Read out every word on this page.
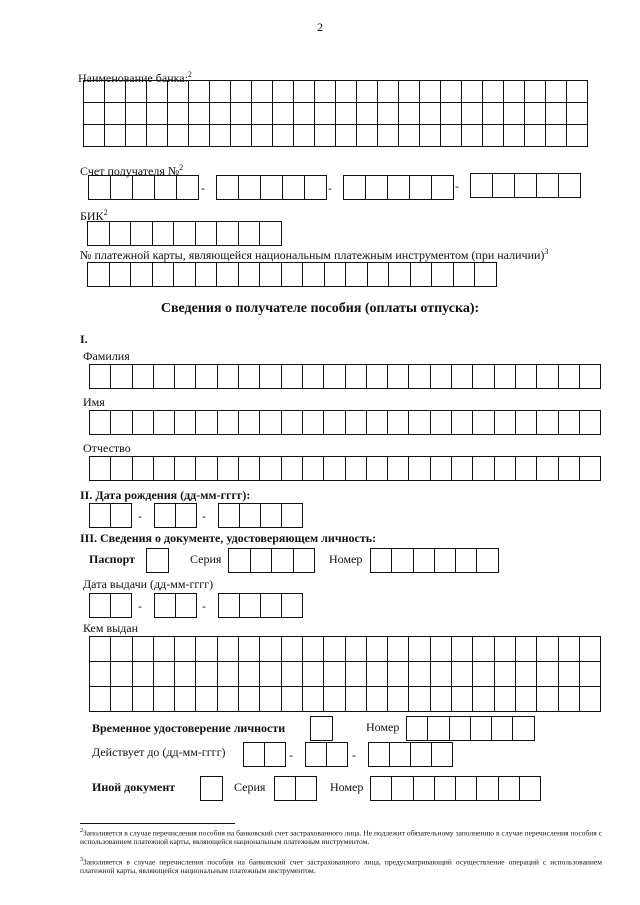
2
Наименование банка:$^2$
Счет получателя №$^2$
-	-	-
БИК$^2$
№ платежной карты, являющейся национальным платежным инструментом (при наличии)$^3$
Сведения о получателе пособия (оплаты отпуска):
I.
Фамилия
Имя
Отчество
II. Дата рождения (дд-мм-гггг):
-	-
III. Сведения о документе, удостоверяющем личность:
Паспорт	Серия	Номер
Дата выдачи (дд-мм-гггг)
-	-
Кем выдан
Временное удостоверение личности	Номер
Действует до (дд-мм-гггг)	-	-
Иной документ	Серия	Номер
$^2$Заполняется в случае перечисления пособия на банковский счет застрахованного лица. Не подлежит обязательному заполнению в случае перечисления пособия с использованием платежной карты, являющейся национальным платежным инструментом.
$^3$Заполняется в случае перечисления пособия на банковский счет застрахованного лица, предусматривающий осуществление операций с использованием платежной карты, являющейся национальным платежным инструментом.
